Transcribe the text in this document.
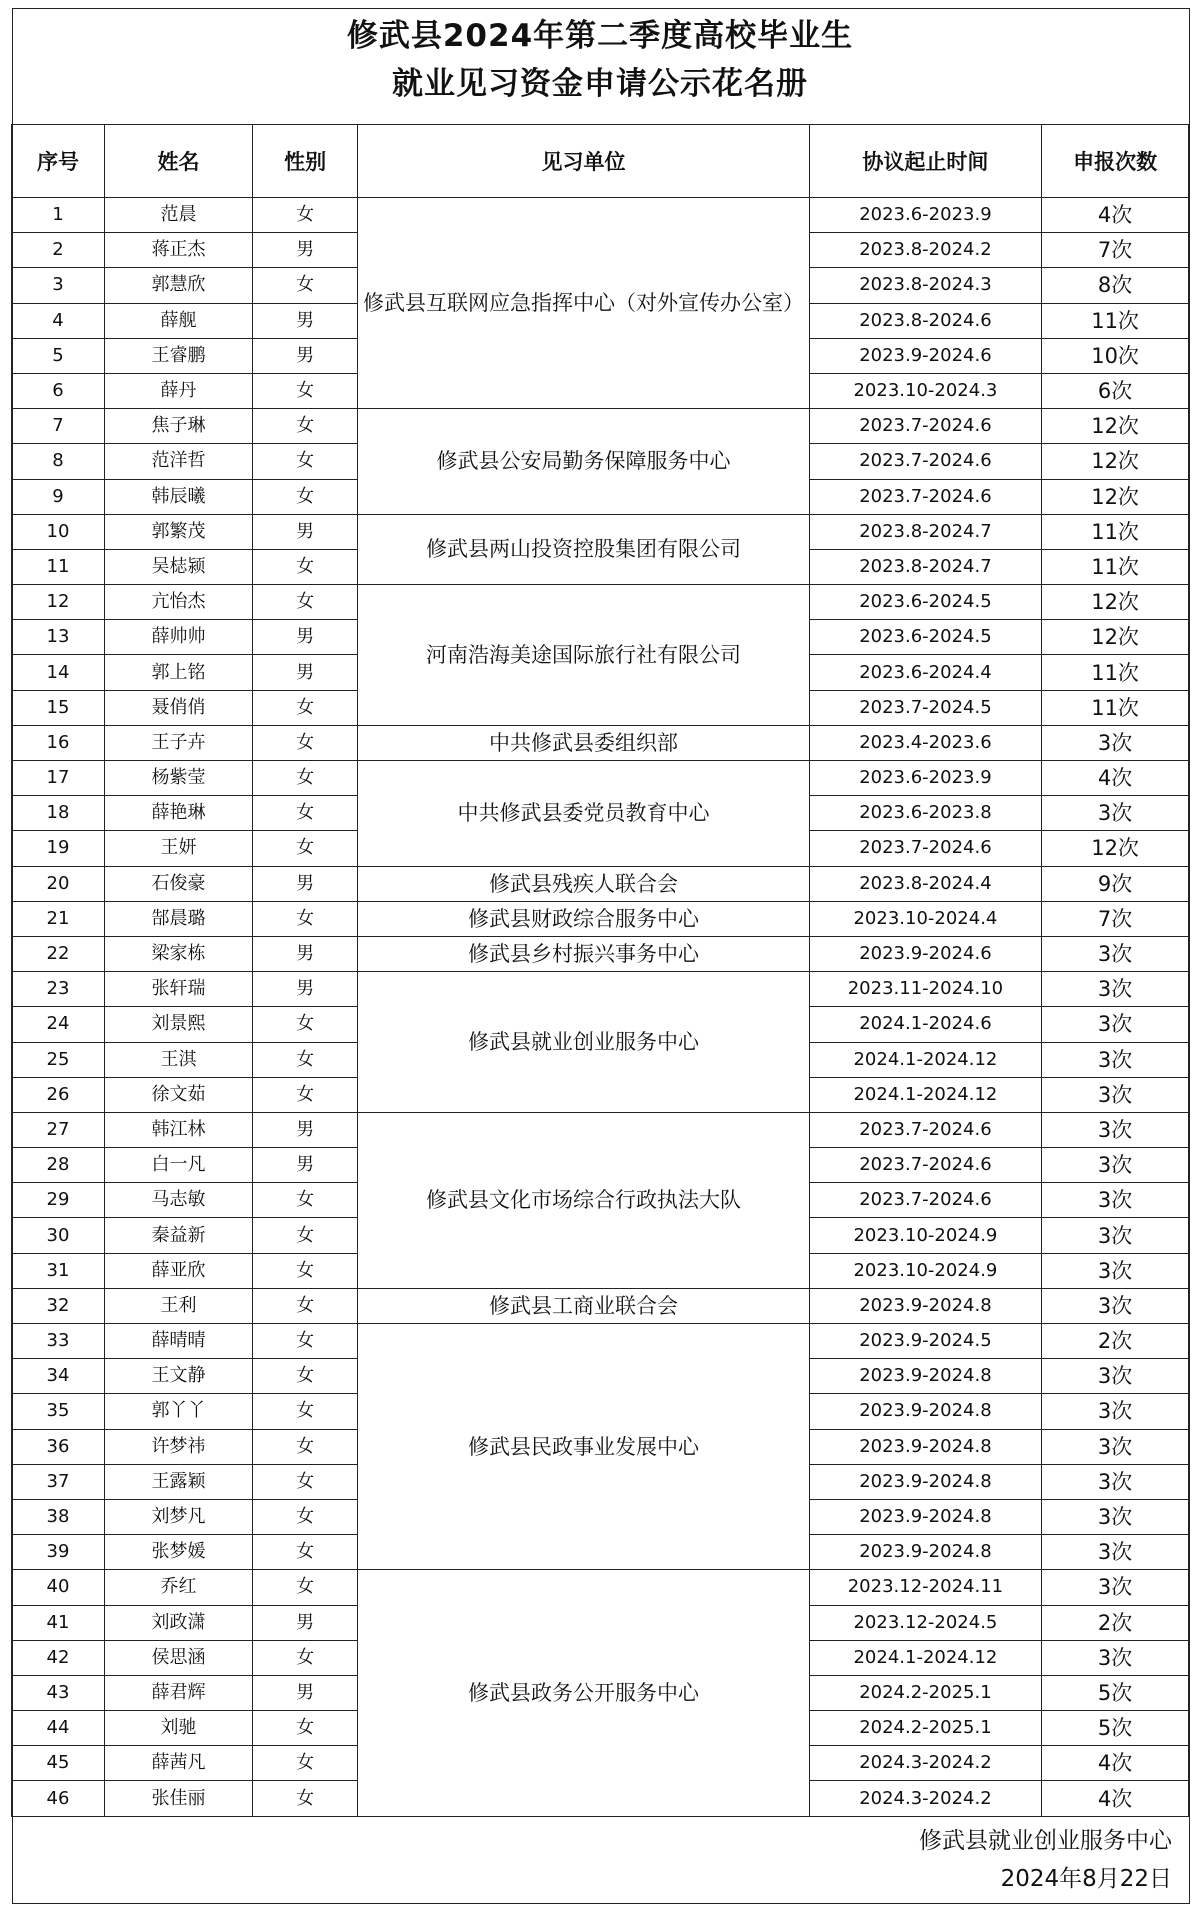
修武县2024年第二季度高校毕业生
就业见习资金申请公示花名册
序号	姓名	性别	见习单位	协议起止时间	申报次数
1	范晨	女	修武县互联网应急指挥中心（对外宣传办公室）	2023.6-2023.9	4次
2	蒋正杰	男		2023.8-2024.2	7次
3	郭慧欣	女		2023.8-2024.3	8次
4	薛舰	男		2023.8-2024.6	11次
5	王睿鹏	男		2023.9-2024.6	10次
6	薛丹	女		2023.10-2024.3	6次
7	焦子琳	女	修武县公安局勤务保障服务中心	2023.7-2024.6	12次
8	范洋哲	女		2023.7-2024.6	12次
9	韩辰曦	女		2023.7-2024.6	12次
10	郭繁茂	男	修武县两山投资控股集团有限公司	2023.8-2024.7	11次
11	吴梽颍	女		2023.8-2024.7	11次
12	亢怡杰	女	河南浩海美途国际旅行社有限公司	2023.6-2024.5	12次
13	薛帅帅	男		2023.6-2024.5	12次
14	郭上铭	男		2023.6-2024.4	11次
15	聂俏俏	女		2023.7-2024.5	11次
16	王子卉	女	中共修武县委组织部	2023.4-2023.6	3次
17	杨紫莹	女	中共修武县委党员教育中心	2023.6-2023.9	4次
18	薛艳琳	女		2023.6-2023.8	3次
19	王妍	女		2023.7-2024.6	12次
20	石俊豪	男	修武县残疾人联合会	2023.8-2024.4	9次
21	郜晨璐	女	修武县财政综合服务中心	2023.10-2024.4	7次
22	梁家栋	男	修武县乡村振兴事务中心	2023.9-2024.6	3次
23	张轩瑞	男	修武县就业创业服务中心	2023.11-2024.10	3次
24	刘景熙	女		2024.1-2024.6	3次
25	王淇	女		2024.1-2024.12	3次
26	徐文茹	女		2024.1-2024.12	3次
27	韩江林	男	修武县文化市场综合行政执法大队	2023.7-2024.6	3次
28	白一凡	男		2023.7-2024.6	3次
29	马志敏	女		2023.7-2024.6	3次
30	秦益新	女		2023.10-2024.9	3次
31	薛亚欣	女		2023.10-2024.9	3次
32	王利	女	修武县工商业联合会	2023.9-2024.8	3次
33	薛晴晴	女	修武县民政事业发展中心	2023.9-2024.5	2次
34	王文静	女		2023.9-2024.8	3次
35	郭丫丫	女		2023.9-2024.8	3次
36	许梦祎	女		2023.9-2024.8	3次
37	王露颖	女		2023.9-2024.8	3次
38	刘梦凡	女		2023.9-2024.8	3次
39	张梦媛	女		2023.9-2024.8	3次
40	乔红	女	修武县政务公开服务中心	2023.12-2024.11	3次
41	刘政潇	男		2023.12-2024.5	2次
42	侯思涵	女		2024.1-2024.12	3次
43	薛君辉	男		2024.2-2025.1	5次
44	刘驰	女		2024.2-2025.1	5次
45	薛茜凡	女		2024.3-2024.2	4次
46	张佳丽	女		2024.3-2024.2	4次
修武县就业创业服务中心
2024年8月22日
